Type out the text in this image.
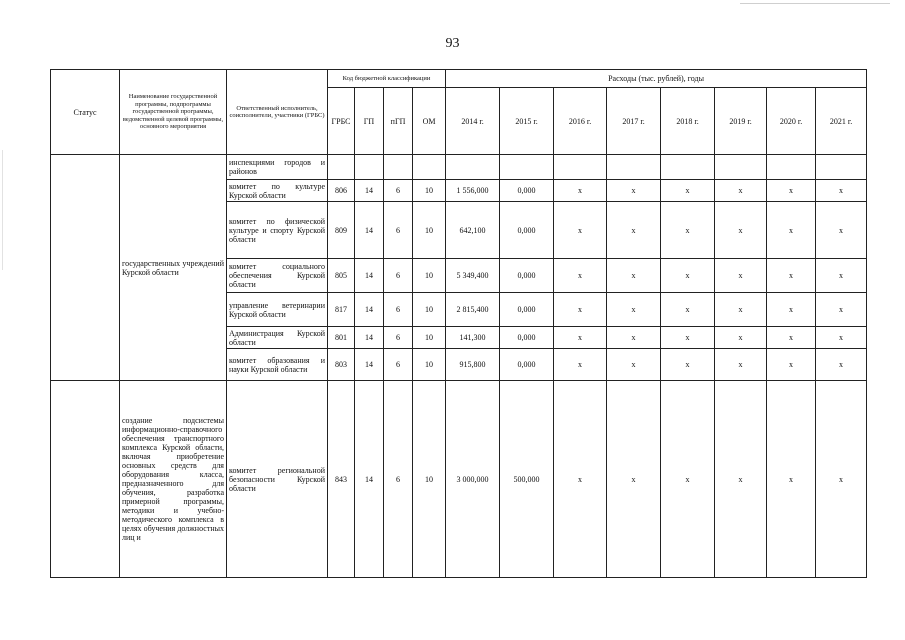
93
Статус	Наименование государственной программы, подпрограммы государственной программы, ведомственной целевой программы, основного мероприятия	Ответственный исполнитель, соисполнители, участники (ГРБС)	Код бюджетной классификации				Расходы (тыс. рублей), годы							
			ГРБС	ГП	пГП	ОМ	2014 г.	2015 г.	2016 г.	2017 г.	2018 г.	2019 г.	2020 г.	2021 г.
	государственных учреждений Курской области	инспекциями городов и районов												
		комитет по культуре Курской области	806	14	6	10	1 556,000	0,000	x	x	x	x	x	x
		комитет по физической культуре и спорту Курской области	809	14	6	10	642,100	0,000	x	x	x	x	x	x
		комитет социального обеспечения Курской области	805	14	6	10	5 349,400	0,000	x	x	x	x	x	x
		управление ветеринарии Курской области	817	14	6	10	2 815,400	0,000	x	x	x	x	x	x
		Администрация Курской области	801	14	6	10	141,300	0,000	x	x	x	x	x	x
		комитет образования и науки Курской области	803	14	6	10	915,800	0,000	x	x	x	x	x	x
	создание подсистемы информационно-справочного обеспечения транспортного комплекса Курской области, включая приобретение основных средств для оборудования класса, предназначенного для обучения, разработка примерной программы, методики и учебно-методического комплекса в целях обучения должностных лиц и	комитет региональной безопасности Курской области	843	14	6	10	3 000,000	500,000	x	x	x	x	x	x
